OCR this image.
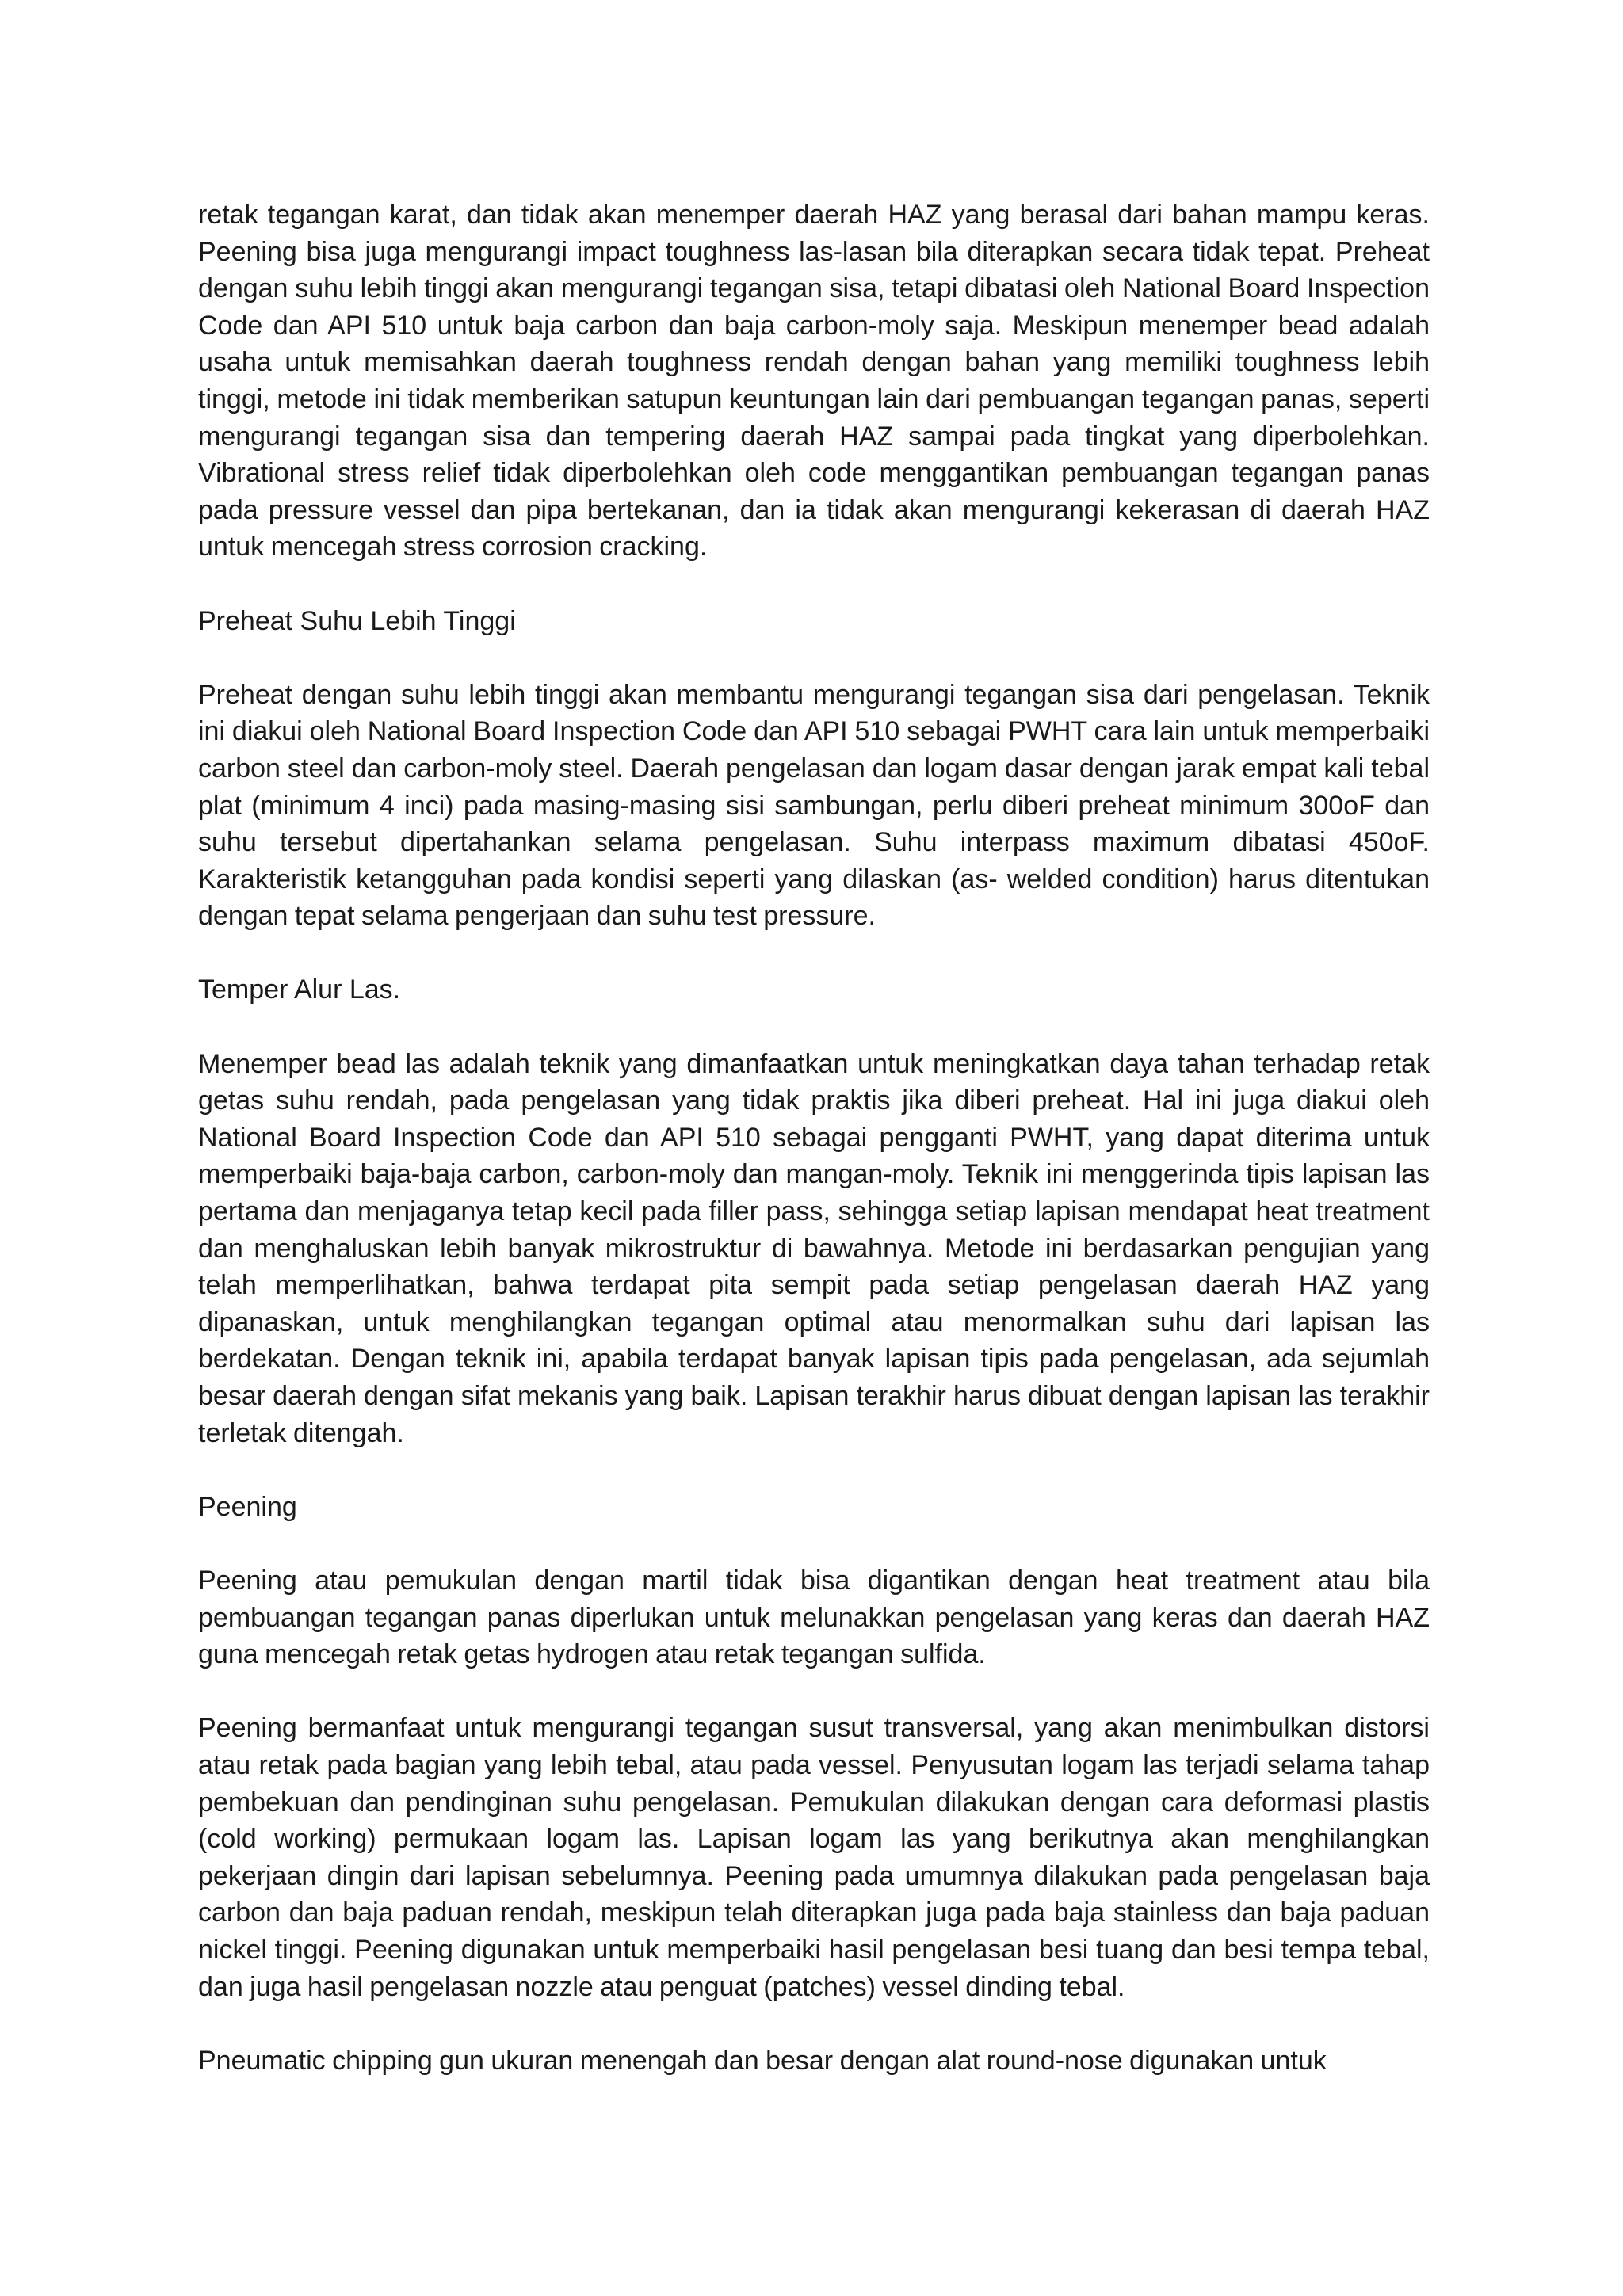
retak tegangan karat, dan tidak akan menemper daerah HAZ yang berasal dari bahan mampu keras. Peening bisa juga mengurangi impact toughness las-lasan bila diterapkan secara tidak tepat. Preheat dengan suhu lebih tinggi akan mengurangi tegangan sisa, tetapi dibatasi oleh National Board Inspection Code dan API 510 untuk baja carbon dan baja carbon-moly saja. Meskipun menemper bead adalah usaha untuk memisahkan daerah toughness rendah dengan bahan yang memiliki toughness lebih tinggi, metode ini tidak memberikan satupun keuntungan lain dari pembuangan tegangan panas, seperti mengurangi tegangan sisa dan tempering daerah HAZ sampai pada tingkat yang diperbolehkan. Vibrational stress relief tidak diperbolehkan oleh code menggantikan pembuangan tegangan panas pada pressure vessel dan pipa bertekanan, dan ia tidak akan mengurangi kekerasan di daerah HAZ untuk mencegah stress corrosion cracking.

Preheat Suhu Lebih Tinggi

Preheat dengan suhu lebih tinggi akan membantu mengurangi tegangan sisa dari pengelasan. Teknik ini diakui oleh National Board Inspection Code dan API 510 sebagai PWHT cara lain untuk memperbaiki carbon steel dan carbon-moly steel. Daerah pengelasan dan logam dasar dengan jarak empat kali tebal plat (minimum 4 inci) pada masing-masing sisi sambungan, perlu diberi preheat minimum 300oF dan suhu tersebut dipertahankan selama pengelasan. Suhu interpass maximum dibatasi 450oF. Karakteristik ketangguhan pada kondisi seperti yang dilaskan (as- welded condition) harus ditentukan dengan tepat selama pengerjaan dan suhu test pressure.

Temper Alur Las.

Menemper bead las adalah teknik yang dimanfaatkan untuk meningkatkan daya tahan terhadap retak getas suhu rendah, pada pengelasan yang tidak praktis jika diberi preheat. Hal ini juga diakui oleh National Board Inspection Code dan API 510 sebagai pengganti PWHT, yang dapat diterima untuk memperbaiki baja-baja carbon, carbon-moly dan mangan-moly. Teknik ini menggerinda tipis lapisan las pertama dan menjaganya tetap kecil pada filler pass, sehingga setiap lapisan mendapat heat treatment dan menghaluskan lebih banyak mikrostruktur di bawahnya. Metode ini berdasarkan pengujian yang telah memperlihatkan, bahwa terdapat pita sempit pada setiap pengelasan daerah HAZ yang dipanaskan, untuk menghilangkan tegangan optimal atau menormalkan suhu dari lapisan las berdekatan. Dengan teknik ini, apabila terdapat banyak lapisan tipis pada pengelasan, ada sejumlah besar daerah dengan sifat mekanis yang baik. Lapisan terakhir harus dibuat dengan lapisan las terakhir terletak ditengah.

Peening

Peening atau pemukulan dengan martil tidak bisa digantikan dengan heat treatment atau bila pembuangan tegangan panas diperlukan untuk melunakkan pengelasan yang keras dan daerah HAZ guna mencegah retak getas hydrogen atau retak tegangan sulfida.

Peening bermanfaat untuk mengurangi tegangan susut transversal, yang akan menimbulkan distorsi atau retak pada bagian yang lebih tebal, atau pada vessel. Penyusutan logam las terjadi selama tahap pembekuan dan pendinginan suhu pengelasan. Pemukulan dilakukan dengan cara deformasi plastis (cold working) permukaan logam las. Lapisan logam las yang berikutnya akan menghilangkan pekerjaan dingin dari lapisan sebelumnya. Peening pada umumnya dilakukan pada pengelasan baja carbon dan baja paduan rendah, meskipun telah diterapkan juga pada baja stainless dan baja paduan nickel tinggi. Peening digunakan untuk memperbaiki hasil pengelasan besi tuang dan besi tempa tebal, dan juga hasil pengelasan nozzle atau penguat (patches) vessel dinding tebal.

Pneumatic chipping gun ukuran menengah dan besar dengan alat round-nose digunakan untuk
